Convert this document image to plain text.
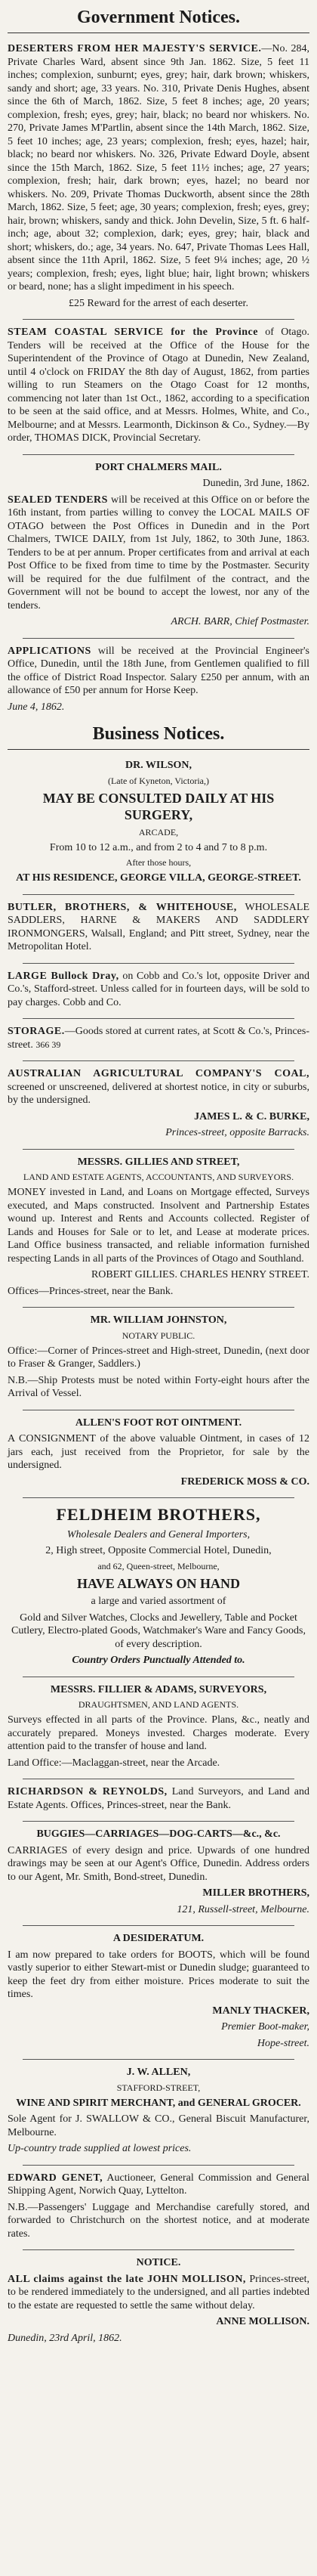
Government Notices.
DESERTERS FROM HER MAJESTY'S SERVICE.—No. 284, Private Charles Ward, absent since 9th Jan. 1862. Size, 5 feet 11 inches; complexion, sunburnt; eyes, grey; hair, dark brown; whiskers, sandy and short; age, 33 years. No. 310, Private Denis Hughes, absent since the 6th of March, 1862. Size, 5 feet 8 inches; age, 20 years; complexion, fresh; eyes, grey; hair, black; no beard nor whiskers. No. 270, Private James M'Partlin, absent since the 14th March, 1862. Size, 5 feet 10 inches; age, 23 years; complexion, fresh; eyes, hazel; hair, black; no beard nor whiskers. No. 326, Private Edward Doyle, absent since the 15th March, 1862. Size, 5 feet 11½ inches; age, 27 years; complexion, fresh; hair, dark brown; eyes, hazel; no beard nor whiskers. No. 209, Private Thomas Duckworth, absent since the 28th March, 1862. Size, 5 feet; age, 30 years; complexion, fresh; eyes, grey; hair, brown; whiskers, sandy and thick. John Develin, Size, 5 ft. 6 half-inch; age, about 32; complexion, dark; eyes, grey; hair, black and short; whiskers, do.; age, 34 years. No. 647, Private Thomas Lees Hall, absent since the 11th April, 1862. Size, 5 feet 9¼ inches; age, 20 ½ years; complexion, fresh; eyes, light blue; hair, light brown; whiskers or beard, none; has a slight impediment in his speech.
£25 Reward for the arrest of each deserter.
STEAM COASTAL SERVICE for the Province of Otago. Tenders will be received at the Office of the House for the Superintendent of the Province of Otago at Dunedin, New Zealand, until 4 o'clock on FRIDAY the 8th day of August, 1862, from parties willing to run Steamers on the Otago Coast for 12 months, commencing not later than 1st Oct., 1862, according to a specification to be seen at the said office, and at Messrs. Holmes, White, and Co., Melbourne; and at Messrs. Learmonth, Dickinson & Co., Sydney.—By order, THOMAS DICK, Provincial Secretary.
PORT CHALMERS MAIL.
Dunedin, 3rd June, 1862.
SEALED TENDERS will be received at this Office on or before the 16th instant, from parties willing to convey the LOCAL MAILS OF OTAGO between the Post Offices in Dunedin and in the Port Chalmers, TWICE DAILY, from 1st July, 1862, to 30th June, 1863. Tenders to be at per annum. Proper certificates from and arrival at each Post Office to be fixed from time to time by the Postmaster. Security will be required for the due fulfilment of the contract, and the Government will not be bound to accept the lowest, nor any of the tenders.
ARCH. BARR, Chief Postmaster.
APPLICATIONS will be received at the Provincial Engineer's Office, Dunedin, until the 18th June, from Gentlemen qualified to fill the office of District Road Inspector. Salary £250 per annum, with an allowance of £50 per annum for Horse Keep.
June 4, 1862.
Business Notices.
DR. WILSON,
(Late of Kyneton, Victoria,)
MAY BE CONSULTED DAILY AT HIS SURGERY,
ARCADE,
From 10 to 12 a.m., and from 2 to 4 and 7 to 8 p.m.
After those hours,
AT HIS RESIDENCE, GEORGE VILLA, GEORGE-STREET.
BUTLER, BROTHERS, & WHITEHOUSE, WHOLESALE SADDLERS, HARNE & MAKERS AND SADDLERY IRONMONGERS, Walsall, England; and Pitt street, Sydney, near the Metropolitan Hotel.
LARGE Bullock Dray, on Cobb and Co.'s lot, opposite Driver and Co.'s, Stafford-street. Unless called for in fourteen days, will be sold to pay charges. Cobb and Co.
STORAGE.—Goods stored at current rates, at Scott & Co.'s, Princes-street. 366 39
AUSTRALIAN AGRICULTURAL COMPANY'S COAL, screened or unscreened, delivered at shortest notice, in city or suburbs, by the undersigned.
JAMES L. & C. BURKE,
Princes-street, opposite Barracks.
MESSRS. GILLIES AND STREET,
LAND AND ESTATE AGENTS, ACCOUNTANTS, AND SURVEYORS.
MONEY invested in Land, and Loans on Mortgage effected, Surveys executed, and Maps constructed. Insolvent and Partnership Estates wound up. Interest and Rents and Accounts collected. Register of Lands and Houses for Sale or to let, and Lease at moderate prices. Land Office business transacted, and reliable information furnished respecting Lands in all parts of the Provinces of Otago and Southland.
ROBERT GILLIES. CHARLES HENRY STREET.
Offices—Princes-street, near the Bank.
MR. WILLIAM JOHNSTON,
NOTARY PUBLIC.
Office:—Corner of Princes-street and High-street, Dunedin, (next door to Fraser & Granger, Saddlers.)
N.B.—Ship Protests must be noted within Forty-eight hours after the Arrival of Vessel.
ALLEN'S FOOT ROT OINTMENT.
A CONSIGNMENT of the above valuable Ointment, in cases of 12 jars each, just received from the Proprietor, for sale by the undersigned.
FREDERICK MOSS & CO.
FELDHEIM BROTHERS,
Wholesale Dealers and General Importers,
2, High street, Opposite Commercial Hotel, Dunedin,
and 62, Queen-street, Melbourne,
HAVE ALWAYS ON HAND
a large and varied assortment of
Gold and Silver Watches, Clocks and Jewellery, Table and Pocket Cutlery, Electro-plated Goods, Watchmaker's Ware and Fancy Goods, of every description.
Country Orders Punctually Attended to.
MESSRS. FILLIER & ADAMS, SURVEYORS,
DRAUGHTSMEN, AND LAND AGENTS.
Surveys effected in all parts of the Province. Plans, &c., neatly and accurately prepared. Moneys invested. Charges moderate. Every attention paid to the transfer of house and land.
Land Office:—Maclaggan-street, near the Arcade.
RICHARDSON & REYNOLDS, Land Surveyors, and Land and Estate Agents. Offices, Princes-street, near the Bank.
BUGGIES—CARRIAGES—DOG-CARTS—&c., &c.
CARRIAGES of every design and price. Upwards of one hundred drawings may be seen at our Agent's Office, Dunedin. Address orders to our Agent, Mr. Smith, Bond-street, Dunedin.
MILLER BROTHERS,
121, Russell-street, Melbourne.
A DESIDERATUM.
I am now prepared to take orders for BOOTS, which will be found vastly superior to either Stewart-mist or Dunedin sludge; guaranteed to keep the feet dry from either moisture. Prices moderate to suit the times.
MANLY THACKER,
Premier Boot-maker,
Hope-street.
J. W. ALLEN,
STAFFORD-STREET,
WINE AND SPIRIT MERCHANT, and GENERAL GROCER.
Sole Agent for J. SWALLOW & CO., General Biscuit Manufacturer, Melbourne.
Up-country trade supplied at lowest prices.
EDWARD GENET, Auctioneer, General Commission and General Shipping Agent, Norwich Quay, Lyttelton.
N.B.—Passengers' Luggage and Merchandise carefully stored, and forwarded to Christchurch on the shortest notice, and at moderate rates.
NOTICE.
ALL claims against the late JOHN MOLLISON, Princes-street, to be rendered immediately to the undersigned, and all parties indebted to the estate are requested to settle the same without delay.
ANNE MOLLISON.
Dunedin, 23rd April, 1862.
